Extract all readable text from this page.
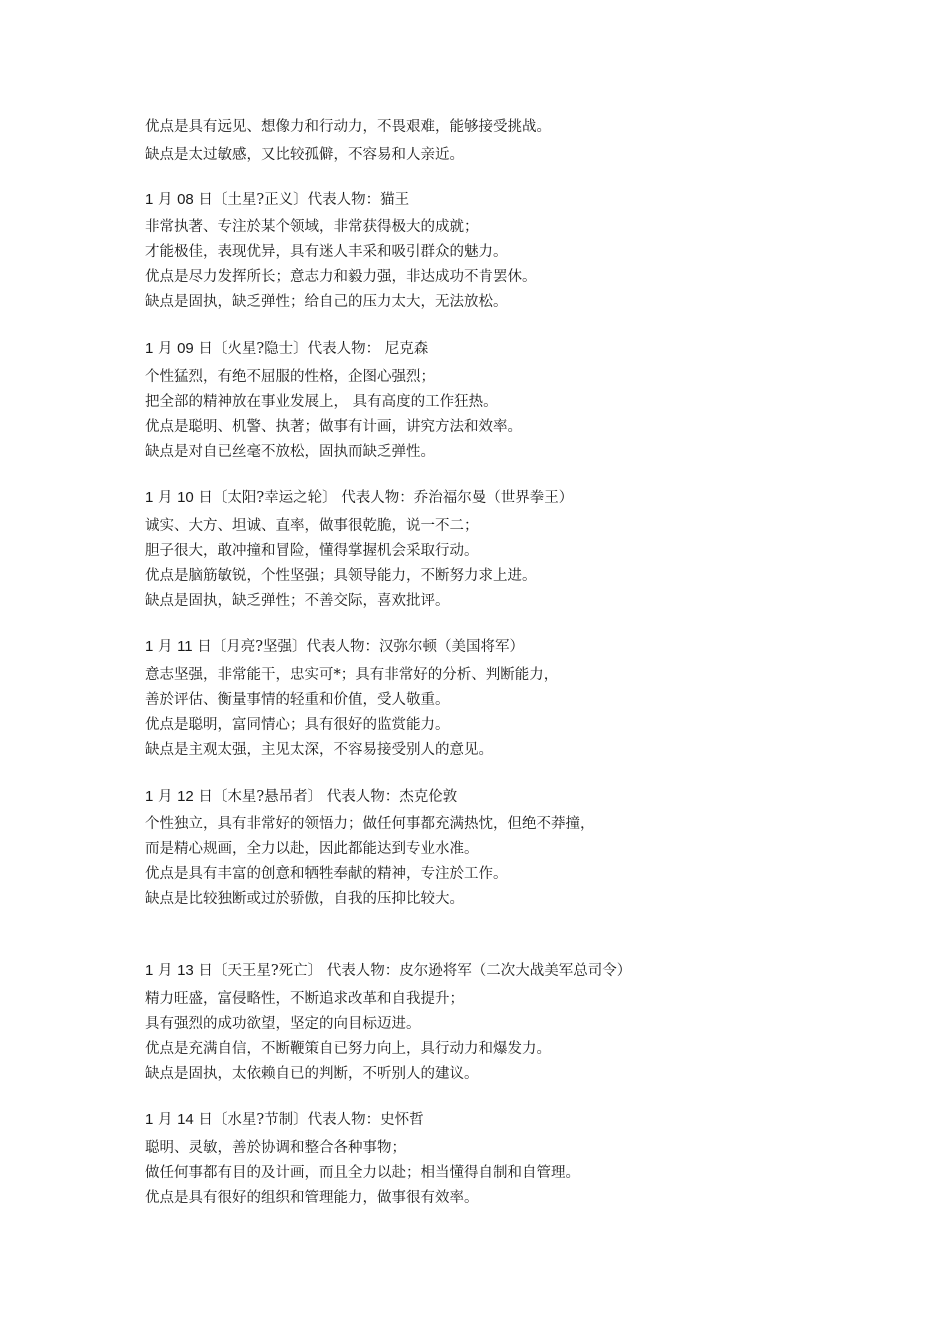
优点是具有远见、想像力和行动力，不畏艰难，能够接受挑战。
缺点是太过敏感，又比较孤僻，不容易和人亲近。
1 月 08 日〔土星?正义〕代表人物：猫王
非常执著、专注於某个领域，非常获得极大的成就；
才能极佳，表现优异，具有迷人丰采和吸引群众的魅力。
优点是尽力发挥所长；意志力和毅力强，非达成功不肯罢休。
缺点是固执，缺乏弹性；给自己的压力太大，无法放松。
1 月 09 日〔火星?隐士〕代表人物： 尼克森
个性猛烈，有绝不屈服的性格，企图心强烈；
把全部的精神放在事业发展上， 具有高度的工作狂热。
优点是聪明、机警、执著；做事有计画，讲究方法和效率。
缺点是对自已丝毫不放松，固执而缺乏弹性。
1 月 10 日〔太阳?幸运之轮〕 代表人物：乔治福尔曼（世界拳王）
诚实、大方、坦诚、直率，做事很乾脆，说一不二；
胆子很大，敢冲撞和冒险，懂得掌握机会采取行动。
优点是脑筋敏锐，个性坚强；具领导能力，不断努力求上进。
缺点是固执，缺乏弹性；不善交际，喜欢批评。
1 月 11 日〔月亮?坚强〕代表人物：汉弥尔顿（美国将军）
意志坚强，非常能干，忠实可*；具有非常好的分析、判断能力，
善於评估、衡量事情的轻重和价值，受人敬重。
优点是聪明，富同情心；具有很好的监赏能力。
缺点是主观太强，主见太深，不容易接受别人的意见。
1 月 12 日〔木星?悬吊者〕 代表人物：杰克伦敦
个性独立，具有非常好的领悟力；做任何事都充满热忱，但绝不莽撞，
而是精心规画，全力以赴，因此都能达到专业水准。
优点是具有丰富的创意和牺牲奉献的精神，专注於工作。
缺点是比较独断或过於骄傲，自我的压抑比较大。
1 月 13 日〔天王星?死亡〕 代表人物：皮尔逊将军（二次大战美军总司令）
精力旺盛，富侵略性，不断追求改革和自我提升；
具有强烈的成功欲望，坚定的向目标迈进。
优点是充满自信，不断鞭策自已努力向上，具行动力和爆发力。
缺点是固执，太依赖自已的判断，不听别人的建议。
1 月 14 日〔水星?节制〕代表人物：史怀哲
聪明、灵敏，善於协调和整合各种事物；
做任何事都有目的及计画，而且全力以赴；相当懂得自制和自管理。
优点是具有很好的组织和管理能力，做事很有效率。
